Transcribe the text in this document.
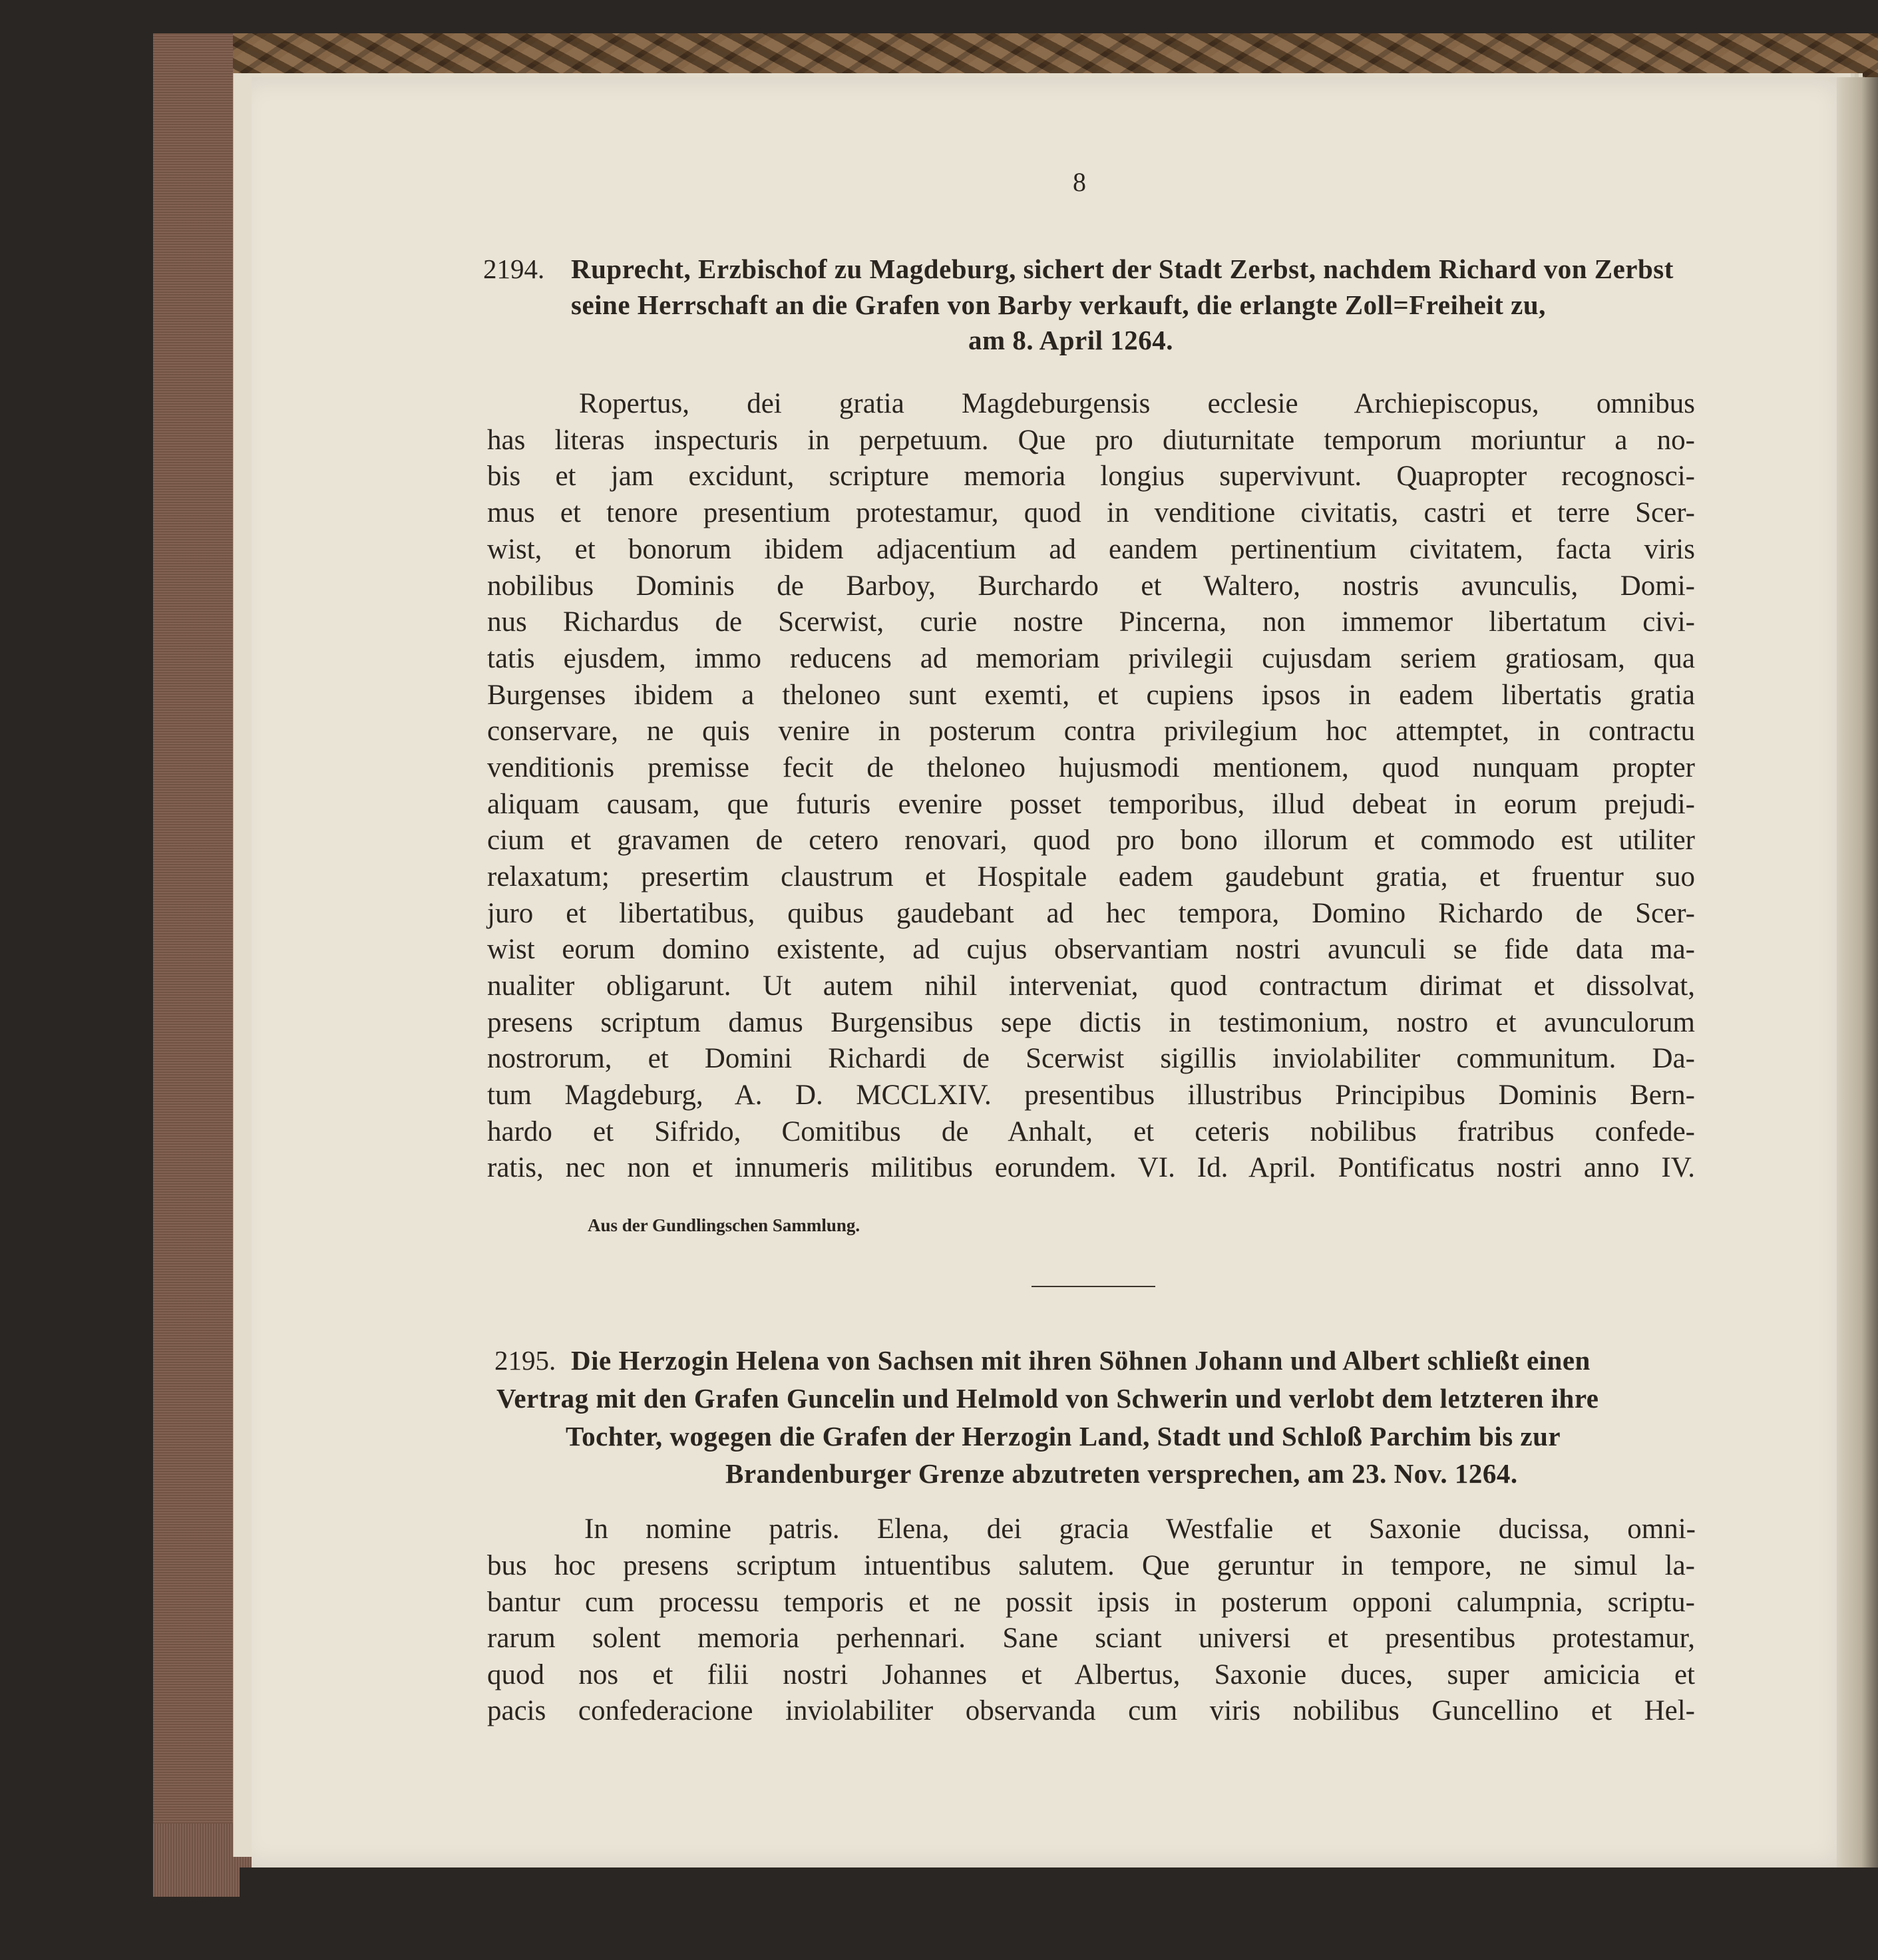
8
2194. Ruprecht, Erzbischof zu Magdeburg, sichert der Stadt Zerbst, nachdem Richard von Zerbst
seine Herrschaft an die Grafen von Barby verkauft, die erlangte Zoll=Freiheit zu,
am 8. April 1264.
Ropertus, dei gratia Magdeburgensis ecclesie Archiepiscopus, omnibus
has literas inspecturis in perpetuum. Que pro diuturnitate temporum moriuntur a no-
bis et jam excidunt, scripture memoria longius supervivunt. Quapropter recognosci-
mus et tenore presentium protestamur, quod in venditione civitatis, castri et terre Scer-
wist, et bonorum ibidem adjacentium ad eandem pertinentium civitatem, facta viris
nobilibus Dominis de Barboy, Burchardo et Waltero, nostris avunculis, Domi-
nus Richardus de Scerwist, curie nostre Pincerna, non immemor libertatum civi-
tatis ejusdem, immo reducens ad memoriam privilegii cujusdam seriem gratiosam, qua
Burgenses ibidem a theloneo sunt exemti, et cupiens ipsos in eadem libertatis gratia
conservare, ne quis venire in posterum contra privilegium hoc attemptet, in contractu
venditionis premisse fecit de theloneo hujusmodi mentionem, quod nunquam propter
aliquam causam, que futuris evenire posset temporibus, illud debeat in eorum prejudi-
cium et gravamen de cetero renovari, quod pro bono illorum et commodo est utiliter
relaxatum; presertim claustrum et Hospitale eadem gaudebunt gratia, et fruentur suo
juro et libertatibus, quibus gaudebant ad hec tempora, Domino Richardo de Scer-
wist eorum domino existente, ad cujus observantiam nostri avunculi se fide data ma-
nualiter obligarunt. Ut autem nihil interveniat, quod contractum dirimat et dissolvat,
presens scriptum damus Burgensibus sepe dictis in testimonium, nostro et avunculorum
nostrorum, et Domini Richardi de Scerwist sigillis inviolabiliter communitum. Da-
tum Magdeburg, A. D. MCCLXIV. presentibus illustribus Principibus Dominis Bern-
hardo et Sifrido, Comitibus de Anhalt, et ceteris nobilibus fratribus confede-
ratis, nec non et innumeris militibus eorundem. VI. Id. April. Pontificatus nostri anno IV.
Aus der Gundlingschen Sammlung.
2195. Die Herzogin Helena von Sachsen mit ihren Söhnen Johann und Albert schließt einen
Vertrag mit den Grafen Guncelin und Helmold von Schwerin und verlobt dem letzteren ihre
Tochter, wogegen die Grafen der Herzogin Land, Stadt und Schloß Parchim bis zur
Brandenburger Grenze abzutreten versprechen, am 23. Nov. 1264.
In nomine patris. Elena, dei gracia Westfalie et Saxonie ducissa, omni-
bus hoc presens scriptum intuentibus salutem. Que geruntur in tempore, ne simul la-
bantur cum processu temporis et ne possit ipsis in posterum opponi calumpnia, scriptu-
rarum solent memoria perhennari. Sane sciant universi et presentibus protestamur,
quod nos et filii nostri Johannes et Albertus, Saxonie duces, super amicicia et
pacis confederacione inviolabiliter observanda cum viris nobilibus Guncellino et Hel-
